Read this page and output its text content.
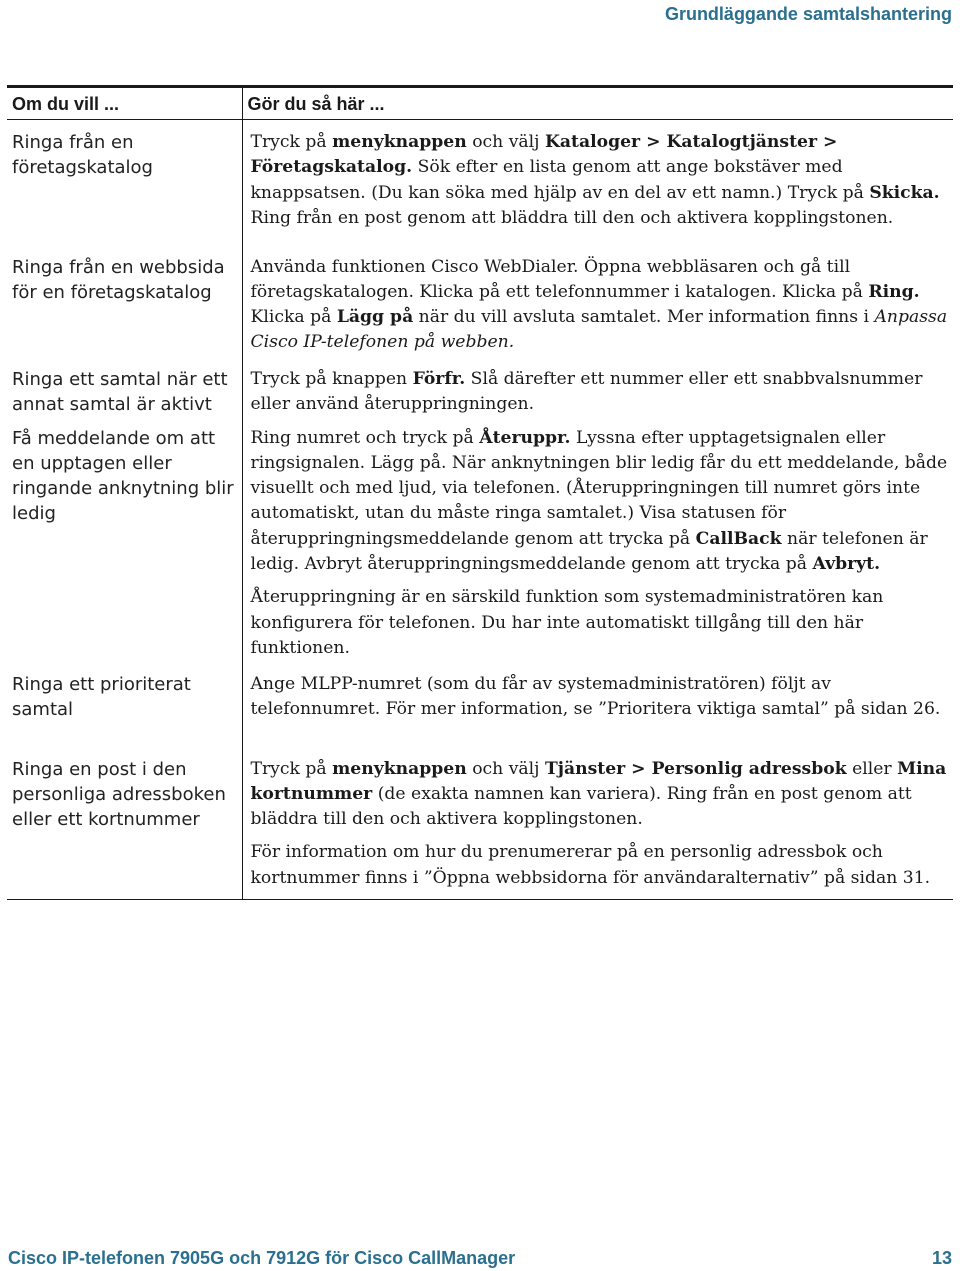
Grundläggande samtalshantering
Om du vill ...	Gör du så här ...

Ringa från en företagskatalog	Tryck på menyknappen och välj Kataloger > Katalogtjänster > Företagskatalog. Sök efter en lista genom att ange bokstäver med knappsatsen. (Du kan söka med hjälp av en del av ett namn.) Tryck på Skicka. Ring från en post genom att bläddra till den och aktivera kopplingstonen.

Ringa från en webbsida för en företagskatalog	Använda funktionen Cisco WebDialer. Öppna webbläsaren och gå till företagskatalogen. Klicka på ett telefonnummer i katalogen. Klicka på Ring. Klicka på Lägg på när du vill avsluta samtalet. Mer information finns i Anpassa Cisco IP-telefonen på webben.

Ringa ett samtal när ett annat samtal är aktivt	Tryck på knappen Förfr. Slå därefter ett nummer eller ett snabbvalsnummer eller använd återuppringningen.

Få meddelande om att en upptagen eller ringande anknytning blir ledig	Ring numret och tryck på Återuppr. Lyssna efter upptagetsignalen eller ringsignalen. Lägg på. När anknytningen blir ledig får du ett meddelande, både visuellt och med ljud, via telefonen. (Återuppringningen till numret görs inte automatiskt, utan du måste ringa samtalet.) Visa statusen för återuppringningsmeddelande genom att trycka på CallBack när telefonen är ledig. Avbryt återuppringningsmeddelande genom att trycka på Avbryt.
Återuppringning är en särskild funktion som systemadministratören kan konfigurera för telefonen. Du har inte automatiskt tillgång till den här funktionen.

Ringa ett prioriterat samtal	Ange MLPP-numret (som du får av systemadministratören) följt av telefonnumret. För mer information, se ”Prioritera viktiga samtal” på sidan 26.

Ringa en post i den personliga adressboken eller ett kortnummer	Tryck på menyknappen och välj Tjänster > Personlig adressbok eller Mina kortnummer (de exakta namnen kan variera). Ring från en post genom att bläddra till den och aktivera kopplingstonen.
För information om hur du prenumererar på en personlig adressbok och kortnummer finns i ”Öppna webbsidorna för användaralternativ” på sidan 31.
Cisco IP-telefonen 7905G och 7912G för Cisco CallManager	13
